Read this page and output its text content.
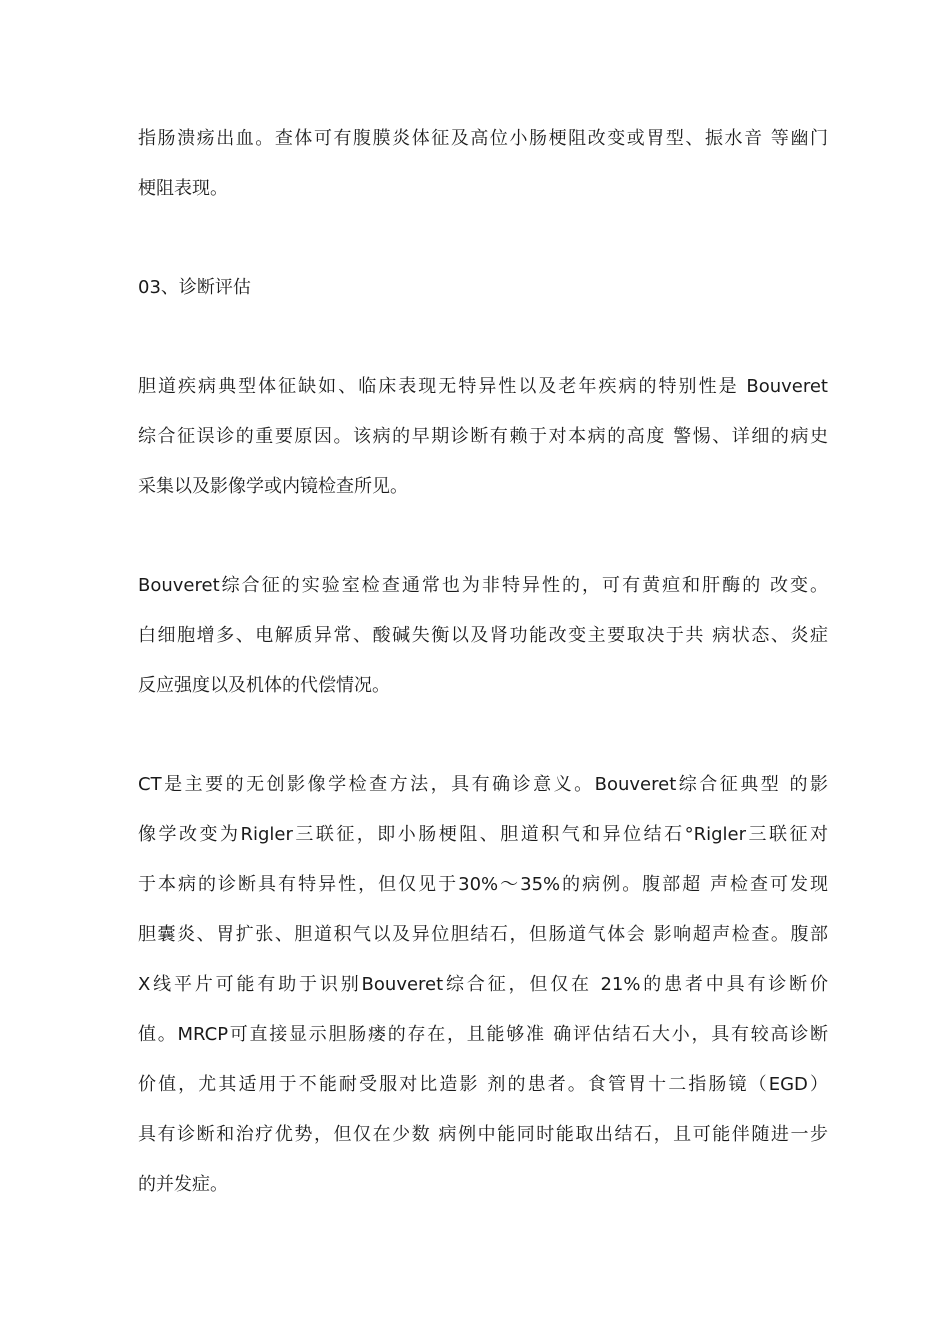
指肠溃疡出血。查体可有腹膜炎体征及高位小肠梗阻改变或胃型、振水音 等幽门
梗阻表现。
03、诊断评估
胆道疾病典型体征缺如、临床表现无特异性以及老年疾病的特别性是 Bouveret
综合征误诊的重要原因。该病的早期诊断有赖于对本病的高度 警惕、详细的病史
采集以及影像学或内镜检查所见。
Bouveret综合征的实验室检查通常也为非特异性的，可有黄疸和肝酶的 改变。
白细胞增多、电解质异常、酸碱失衡以及肾功能改变主要取决于共 病状态、炎症
反应强度以及机体的代偿情况。
CT是主要的无创影像学检查方法，具有确诊意义。Bouveret综合征典型 的影
像学改变为Rigler三联征，即小肠梗阻、胆道积气和异位结石°Rigler三联征对
于本病的诊断具有特异性，但仅见于30%〜35%的病例。腹部超 声检查可发现
胆囊炎、胃扩张、胆道积气以及异位胆结石，但肠道气体会 影响超声检查。腹部
X线平片可能有助于识别Bouveret综合征，但仅在 21%的患者中具有诊断价
值。MRCP可直接显示胆肠瘘的存在，且能够准 确评估结石大小，具有较高诊断
价值，尤其适用于不能耐受服对比造影 剂的患者。食管胃十二指肠镜（EGD）
具有诊断和治疗优势，但仅在少数 病例中能同时能取出结石，且可能伴随进一步
的并发症。
